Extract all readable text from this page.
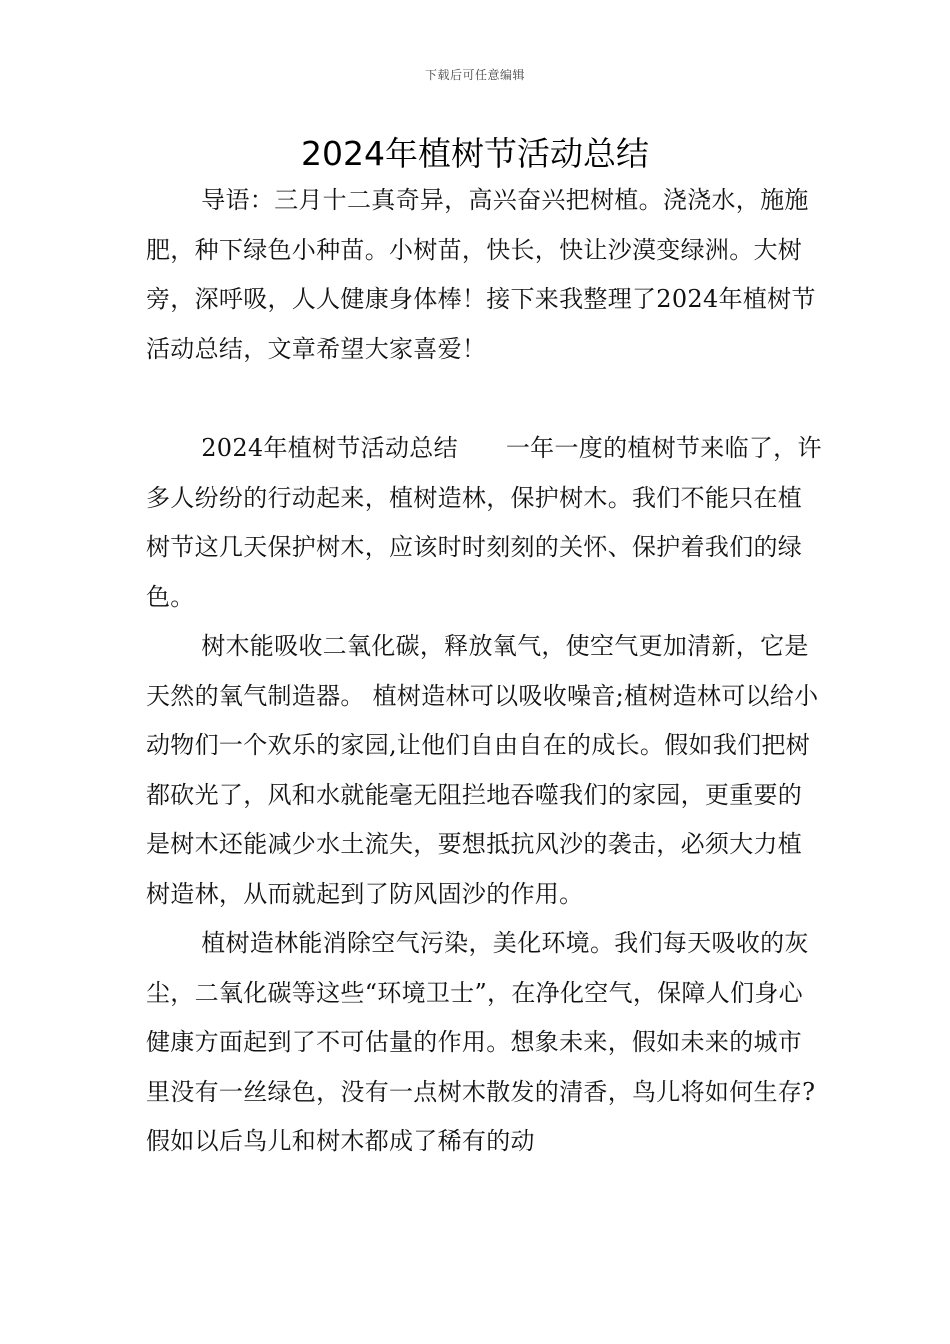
下载后可任意编辑
2024年植树节活动总结

导语：三月十二真奇异，高兴奋兴把树植。浇浇水，施施肥，种下绿色小种苗。小树苗，快长，快让沙漠变绿洲。大树旁，深呼吸，人人健康身体棒！接下来我整理了2024年植树节活动总结，文章希望大家喜爱！

2024年植树节活动总结 一年一度的植树节来临了，许多人纷纷的行动起来，植树造林，保护树木。我们不能只在植树节这几天保护树木，应该时时刻刻的关怀、保护着我们的绿色。

树木能吸收二氧化碳，释放氧气，使空气更加清新，它是天然的氧气制造器。 植树造林可以吸收噪音;植树造林可以给小动物们一个欢乐的家园,让他们自由自在的成长。假如我们把树都砍光了，风和水就能毫无阻拦地吞噬我们的家园，更重要的是树木还能减少水土流失，要想抵抗风沙的袭击，必须大力植树造林，从而就起到了防风固沙的作用。

植树造林能消除空气污染，美化环境。我们每天吸收的灰尘，二氧化碳等这些“环境卫士”，在净化空气，保障人们身心健康方面起到了不可估量的作用。想象未来，假如未来的城市里没有一丝绿色，没有一点树木散发的清香，鸟儿将如何生存?假如以后鸟儿和树木都成了稀有的动
